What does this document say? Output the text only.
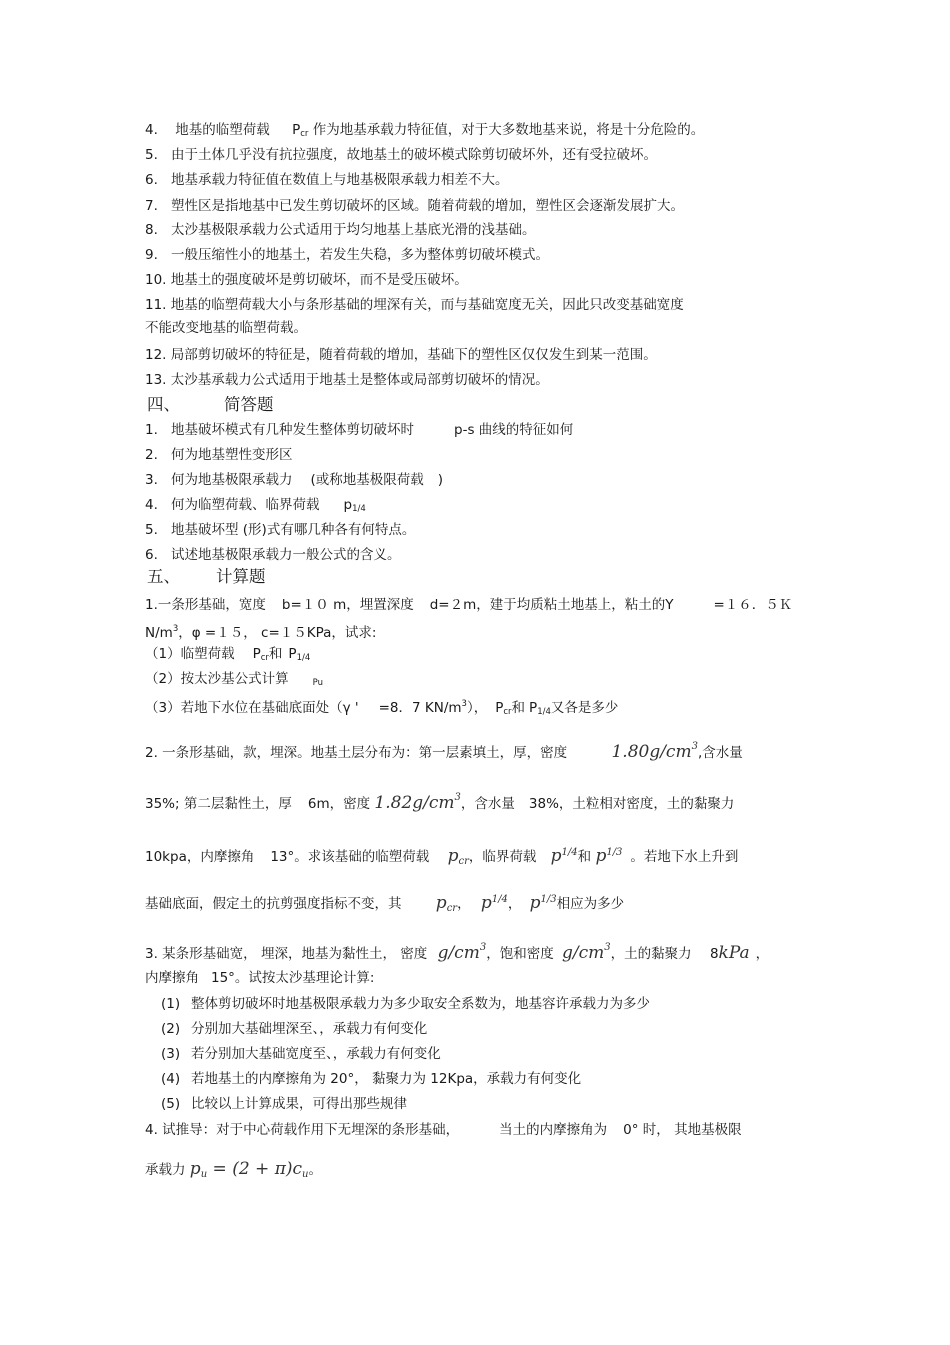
4. 地基的临塑荷载 $P_{cr}$ 作为地基承载力特征值，对于大多数地基来说，将是十分危险的。
5. 由于土体几乎没有抗拉强度，故地基土的破坏模式除剪切破坏外，还有受拉破坏。
6. 地基承载力特征值在数值上与地基极限承载力相差不大。
7. 塑性区是指地基中已发生剪切破坏的区域。随着荷载的增加，塑性区会逐渐发展扩大。
8. 太沙基极限承载力公式适用于均匀地基上基底光滑的浅基础。
9. 一般压缩性小的地基土，若发生失稳，多为整体剪切破坏模式。
10. 地基土的强度破坏是剪切破坏，而不是受压破坏。
11. 地基的临塑荷载大小与条形基础的埋深有关，而与基础宽度无关，因此只改变基础宽度
不能改变地基的临塑荷载。
12. 局部剪切破坏的特征是，随着荷载的增加，基础下的塑性区仅仅发生到某一范围。
13. 太沙基承载力公式适用于地基土是整体或局部剪切破坏的情况。
四、	简答题
1. 地基破坏模式有几种发生整体剪切破坏时	p-s 曲线的特征如何
2. 何为地基塑性变形区
3. 何为地基极限承载力 (或称地基极限荷载 )
4. 何为临塑荷载、临界荷载 $p_{1/4}$
5. 地基破坏型 (形)式有哪几种各有何特点。
6. 试述地基极限承载力一般公式的含义。
五、 计算题
1.一条形基础，宽度 b=１０ m，埋置深度 d=２m，建于均质粘土地基上，粘土的Υ	=１６．５Ｋ
$N/m^3$，φ =１５， c=１５KPa，试求:
（1）临塑荷载 $P_{cr}$和 $P_{1/4}$
（2）按太沙基公式计算	$_{Pu}$
（3）若地下水位在基础底面处（γ ' =8．7 $KN/m^3$）， $P_{cr}$和 $P_{1/4}$又各是多少
2. 一条形基础，款，埋深。地基土层分布为：第一层素填土，厚，密度	$1.80g/cm^3$,含水量
35%; 第二层黏性土，厚 6m，密度 $1.82g/cm^3$，含水量 38%，土粒相对密度，土的黏聚力
10kpa，内摩擦角 13°。求该基础的临塑荷载 pcr，临界荷载 p1/4和 p1/3 。若地下水上升到
基础底面，假定土的抗剪强度指标不变，其 pcr， p1/4， p1/3相应为多少
3. 某条形基础宽， 埋深，地基为黏性土， 密度 $g/cm^3$，饱和密度 $g/cm^3$，土的黏聚力 8kPa ，
内摩擦角 15°。试按太沙基理论计算:
(1) 整体剪切破坏时地基极限承载力为多少取安全系数为，地基容许承载力为多少
(2) 分别加大基础埋深至、，承载力有何变化
(3) 若分别加大基础宽度至、，承载力有何变化
(4) 若地基土的内摩擦角为 20°， 黏聚力为 12Kpa，承载力有何变化
(5) 比较以上计算成果，可得出那些规律
4. 试推导：对于中心荷载作用下无埋深的条形基础，	当土的内摩擦角为 0° 时， 其地基极限
承载力 pu = (2 + π)cu。
